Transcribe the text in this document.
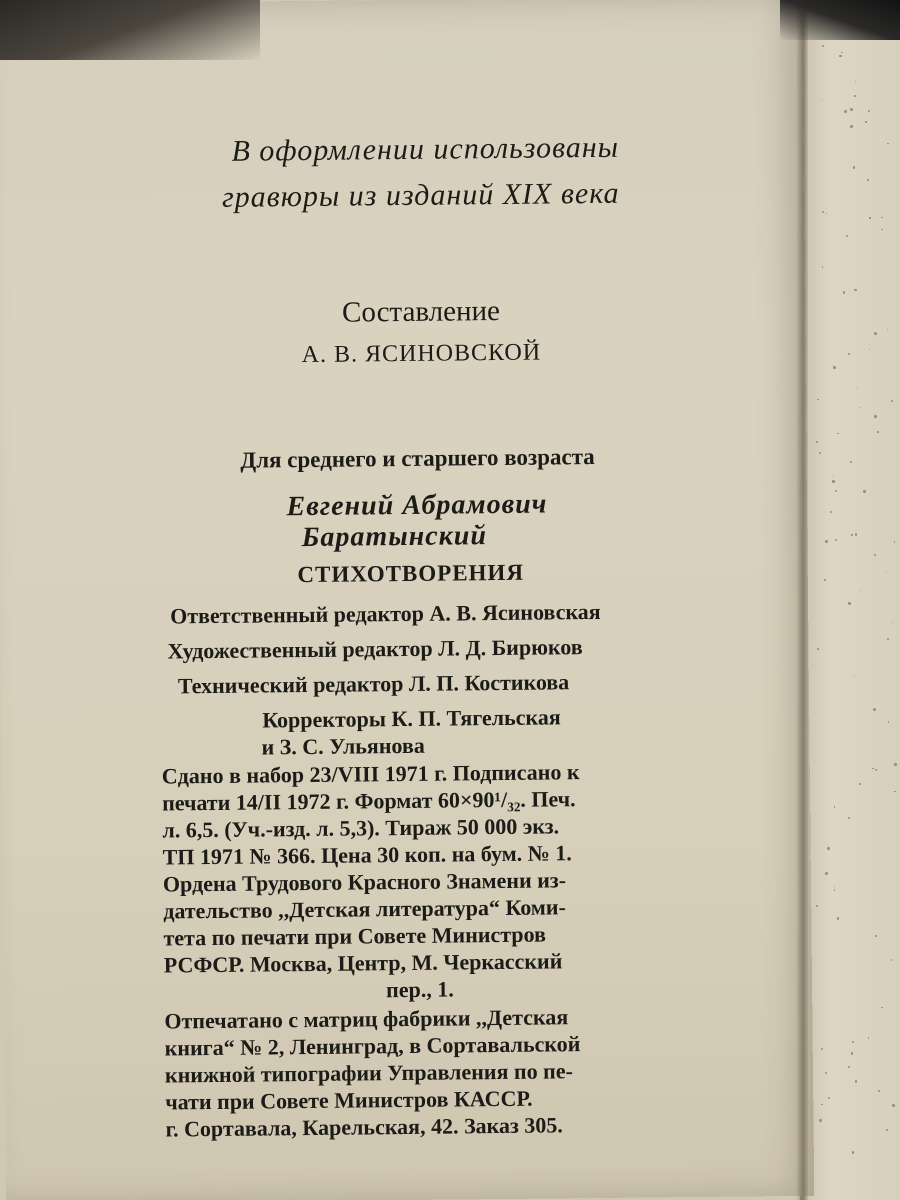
В оформлении использованы

гравюры из изданий XIX века

Составление

А. В. ЯСИНОВСКОЙ

Для среднего и старшего возраста

Евгений Абрамович

Баратынский

СТИХОТВОРЕНИЯ

Ответственный редактор А. В. Ясиновская

Художественный редактор Л. Д. Бирюков

Технический редактор Л. П. Костикова

Корректоры К. П. Тягельская

и З. С. Ульянова

Сдано в набор 23/VIII 1971 г. Подписано к

печати 14/II 1972 г. Формат 60×90¹/₃₂. Печ.

л. 6,5. (Уч.-изд. л. 5,3). Тираж 50 000 экз.

ТП 1971 № 366. Цена 30 коп. на бум. № 1.

Ордена Трудового Красного Знамени из-

дательство ,,Детская литература“ Коми-

тета по печати при Совете Министров

РСФСР. Москва, Центр, М. Черкасский

пер., 1.

Отпечатано с матриц фабрики ,,Детская

книга“ № 2, Ленинград, в Сортавальской

книжной типографии Управления по пе-

чати при Совете Министров КАССР.

г. Сортавала, Карельская, 42. Заказ 305.
